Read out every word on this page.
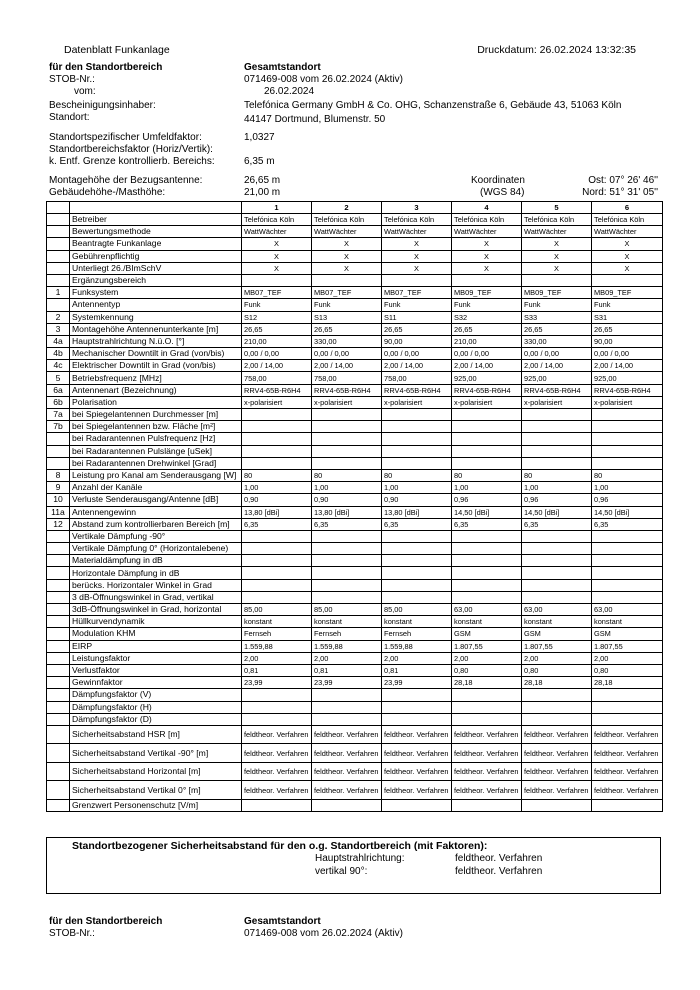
Datenblatt Funkanlage	Druckdatum: 26.02.2024 13:32:35
für den Standortbereich	Gesamtstandort
STOB-Nr.:	071469-008 vom 26.02.2024 (Aktiv)
vom:	26.02.2024
Bescheinigungsinhaber:	Telefónica Germany GmbH & Co. OHG, Schanzenstraße 6, Gebäude 43, 51063 Köln
Standort:	44147 Dortmund, Blumenstr. 50
Standortspezifischer Umfeldfaktor:	1,0327
Standortbereichsfaktor (Horiz/Vertik):
k. Entf. Grenze kontrollierb. Bereichs:	6,35 m
Montagehöhe der Bezugsantenne:	26,65 m
Gebäudehöhe-/Masthöhe:	21,00 m
Koordinaten
(WGS 84)
Ost: 07° 26' 46''
Nord: 51° 31' 05''
		1	2	3	4	5	6
	Betreiber	Telefónica Köln	Telefónica Köln	Telefónica Köln	Telefónica Köln	Telefónica Köln	Telefónica Köln
	Bewertungsmethode	WattWächter	WattWächter	WattWächter	WattWächter	WattWächter	WattWächter
	Beantragte Funkanlage	X	X	X	X	X	X
	Gebührenpflichtig	X	X	X	X	X	X
	Unterliegt 26./BImSchV	X	X	X	X	X	X
	Ergänzungsbereich						
1	Funksystem	MB07_TEF	MB07_TEF	MB07_TEF	MB09_TEF	MB09_TEF	MB09_TEF
	Antennentyp	Funk	Funk	Funk	Funk	Funk	Funk
2	Systemkennung	S12	S13	S11	S32	S33	S31
3	Montagehöhe Antennenunterkante [m]	26,65	26,65	26,65	26,65	26,65	26,65
4a	Hauptstrahlrichtung N.ü.O. [°]	210,00	330,00	90,00	210,00	330,00	90,00
4b	Mechanischer Downtilt in Grad (von/bis)	0,00 / 0,00	0,00 / 0,00	0,00 / 0,00	0,00 / 0,00	0,00 / 0,00	0,00 / 0,00
4c	Elektrischer Downtilt in Grad (von/bis)	2,00 / 14,00	2,00 / 14,00	2,00 / 14,00	2,00 / 14,00	2,00 / 14,00	2,00 / 14,00
5	Betriebsfrequenz [MHz]	758,00	758,00	758,00	925,00	925,00	925,00
6a	Antennenart (Bezeichnung)	RRV4-65B-R6H4	RRV4-65B-R6H4	RRV4-65B-R6H4	RRV4-65B-R6H4	RRV4-65B-R6H4	RRV4-65B-R6H4
6b	Polarisation	x-polarisiert	x-polarisiert	x-polarisiert	x-polarisiert	x-polarisiert	x-polarisiert
7a	bei Spiegelantennen Durchmesser [m]						
7b	bei Spiegelantennen bzw. Fläche [m²]						
	bei Radarantennen Pulsfrequenz [Hz]						
	bei Radarantennen Pulslänge [uSek]						
	bei Radarantennen Drehwinkel [Grad]						
8	Leistung pro Kanal am Senderausgang [W]	80	80	80	80	80	80
9	Anzahl der Kanäle	1,00	1,00	1,00	1,00	1,00	1,00
10	Verluste Senderausgang/Antenne [dB]	0,90	0,90	0,90	0,96	0,96	0,96
11a	Antennengewinn	13,80 [dBi]	13,80 [dBi]	13,80 [dBi]	14,50 [dBi]	14,50 [dBi]	14,50 [dBi]
12	Abstand zum kontrollierbaren Bereich [m]	6,35	6,35	6,35	6,35	6,35	6,35
	Vertikale Dämpfung -90°						
	Vertikale Dämpfung 0° (Horizontalebene)						
	Materialdämpfung in dB						
	Horizontale Dämpfung in dB						
	berücks. Horizontaler Winkel in Grad						
	3 dB-Öffnungswinkel in Grad, vertikal						
	3dB-Öffnungswinkel in Grad, horizontal	85,00	85,00	85,00	63,00	63,00	63,00
	Hüllkurvendynamik	konstant	konstant	konstant	konstant	konstant	konstant
	Modulation KHM	Fernseh	Fernseh	Fernseh	GSM	GSM	GSM
	EIRP	1.559,88	1.559,88	1.559,88	1.807,55	1.807,55	1.807,55
	Leistungsfaktor	2,00	2,00	2,00	2,00	2,00	2,00
	Verlustfaktor	0,81	0,81	0,81	0,80	0,80	0,80
	Gewinnfaktor	23,99	23,99	23,99	28,18	28,18	28,18
	Dämpfungsfaktor (V)						
	Dämpfungsfaktor (H)						
	Dämpfungsfaktor (D)						
	Sicherheitsabstand HSR [m]	feldtheor. Verfahren	feldtheor. Verfahren	feldtheor. Verfahren	feldtheor. Verfahren	feldtheor. Verfahren	feldtheor. Verfahren
	Sicherheitsabstand Vertikal -90° [m]	feldtheor. Verfahren	feldtheor. Verfahren	feldtheor. Verfahren	feldtheor. Verfahren	feldtheor. Verfahren	feldtheor. Verfahren
	Sicherheitsabstand Horizontal [m]	feldtheor. Verfahren	feldtheor. Verfahren	feldtheor. Verfahren	feldtheor. Verfahren	feldtheor. Verfahren	feldtheor. Verfahren
	Sicherheitsabstand Vertikal 0° [m]	feldtheor. Verfahren	feldtheor. Verfahren	feldtheor. Verfahren	feldtheor. Verfahren	feldtheor. Verfahren	feldtheor. Verfahren
	Grenzwert Personenschutz [V/m]						
Standortbezogener Sicherheitsabstand für den o.g. Standortbereich (mit Faktoren):
Hauptstrahlrichtung:	feldtheor. Verfahren
vertikal 90°:	feldtheor. Verfahren
für den Standortbereich	Gesamtstandort
STOB-Nr.:	071469-008 vom 26.02.2024 (Aktiv)
